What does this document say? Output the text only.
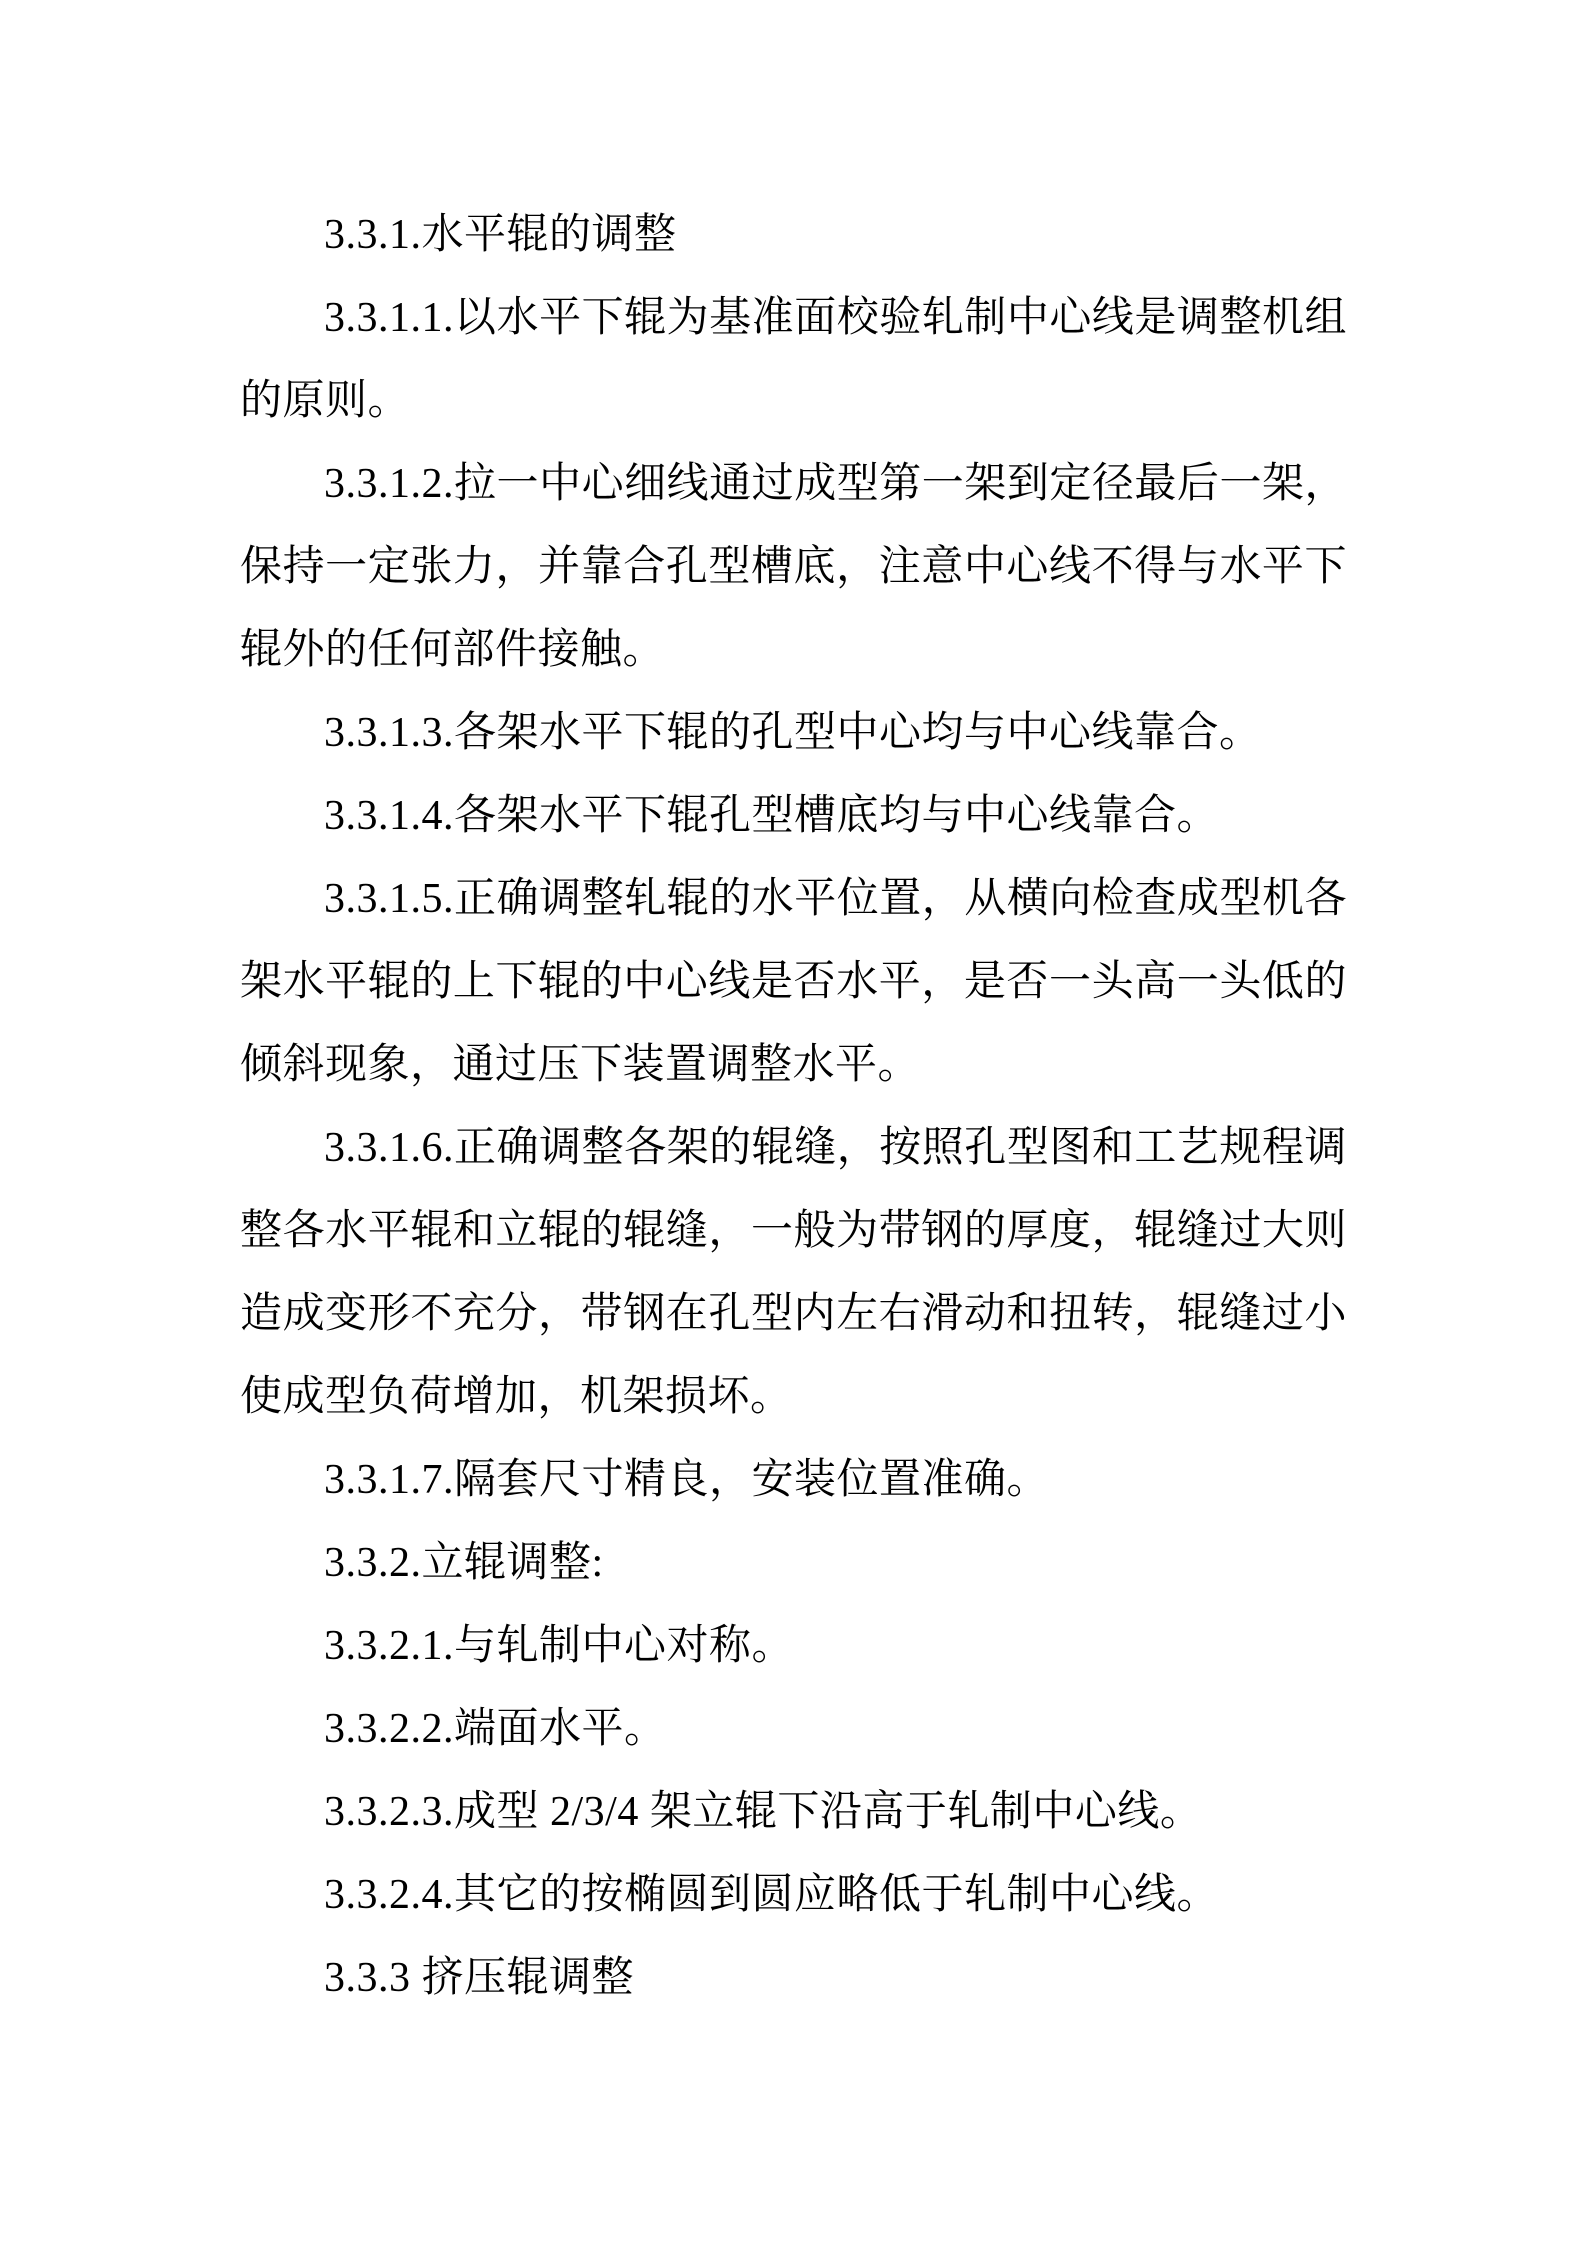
3.3.1.水平辊的调整

3.3.1.1.以水平下辊为基准面校验轧制中心线是调整机组的原则。

3.3.1.2.拉一中心细线通过成型第一架到定径最后一架，保持一定张力，并靠合孔型槽底，注意中心线不得与水平下辊外的任何部件接触。

3.3.1.3.各架水平下辊的孔型中心均与中心线靠合。

3.3.1.4.各架水平下辊孔型槽底均与中心线靠合。

3.3.1.5.正确调整轧辊的水平位置，从横向检查成型机各架水平辊的上下辊的中心线是否水平，是否一头高一头低的倾斜现象，通过压下装置调整水平。

3.3.1.6.正确调整各架的辊缝，按照孔型图和工艺规程调整各水平辊和立辊的辊缝，一般为带钢的厚度，辊缝过大则造成变形不充分，带钢在孔型内左右滑动和扭转，辊缝过小使成型负荷增加，机架损坏。

3.3.1.7.隔套尺寸精良，安装位置准确。

3.3.2.立辊调整:

3.3.2.1.与轧制中心对称。

3.3.2.2.端面水平。

3.3.2.3.成型 2/3/4 架立辊下沿高于轧制中心线。

3.3.2.4.其它的按椭圆到圆应略低于轧制中心线。

3.3.3 挤压辊调整
